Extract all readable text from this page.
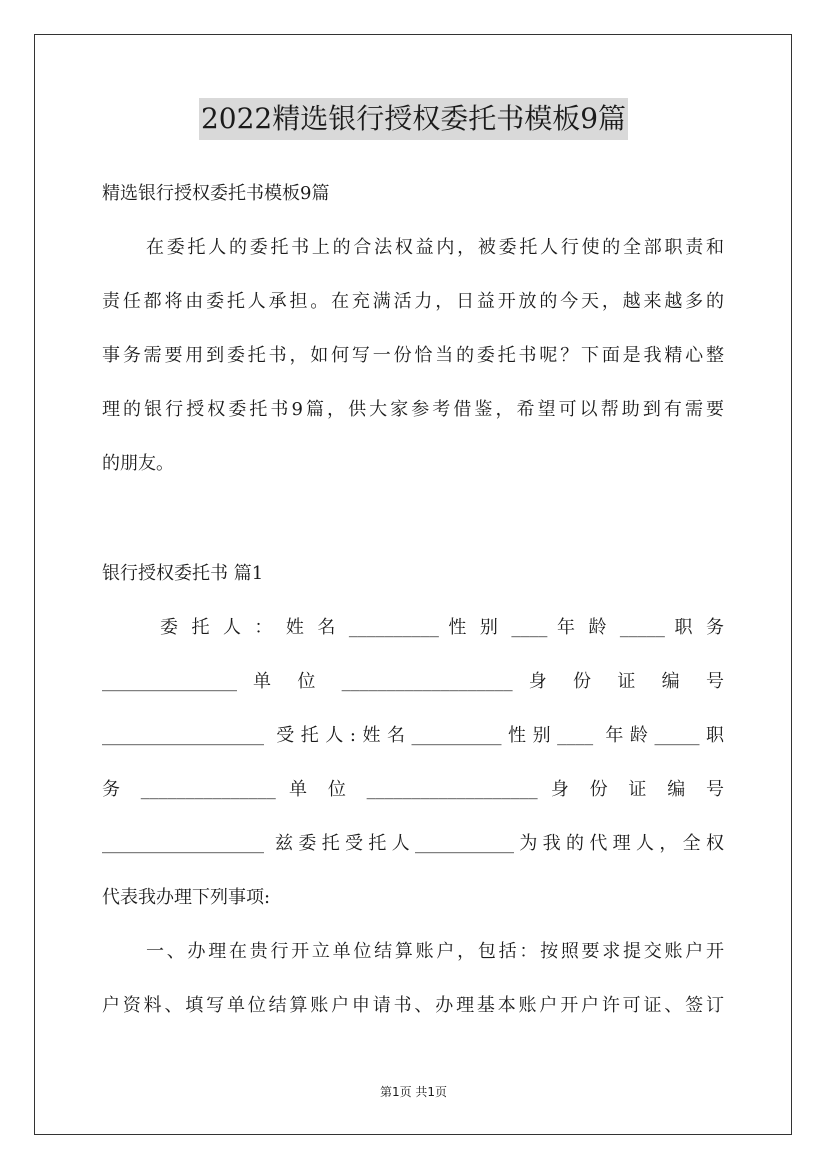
2022精选银行授权委托书模板9篇
精选银行授权委托书模板9篇
在委托人的委托书上的合法权益内，被委托人行使的全部职责和
责任都将由委托人承担。在充满活力，日益开放的今天，越来越多的
事务需要用到委托书，如何写一份恰当的委托书呢？下面是我精心整
理的银行授权委托书9篇，供大家参考借鉴，希望可以帮助到有需要
的朋友。
银行授权委托书 篇1
委 托 人 ： 姓 名 __________ 性 别 ____ 年 龄 _____ 职 务
_______________ 单 位 ___________________ 身 份 证 编 号
__________________ 受托人:姓名__________性别____ 年龄_____职
务 _______________ 单 位 ___________________ 身 份 证 编 号
__________________ 兹委托受托人___________为我的代理人，全权
代表我办理下列事项:
一、办理在贵行开立单位结算账户，包括：按照要求提交账户开
户资料、填写单位结算账户申请书、办理基本账户开户许可证、签订
第1页 共1页
